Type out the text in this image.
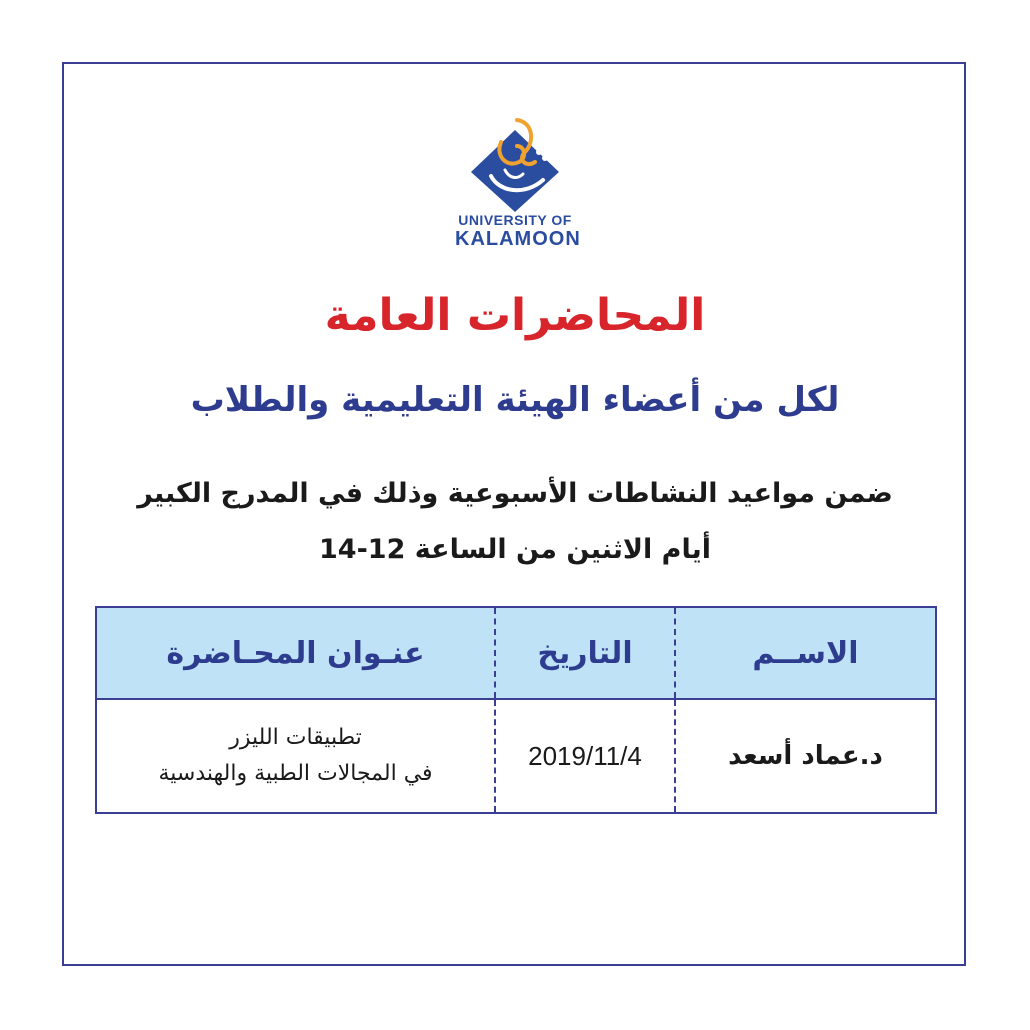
UNIVERSITY OF
KALAMOON
المحاضرات العامة
لكل من أعضاء الهيئة التعليمية والطلاب
ضمن مواعيد النشاطات الأسبوعية وذلك في المدرج الكبير
أيام الاثنين من الساعة 12-14
الاســم
التاريخ
عنـوان المحـاضرة
د.عماد أسعد
2019/11/4
تطبيقات الليزر
في المجالات الطبية والهندسية
